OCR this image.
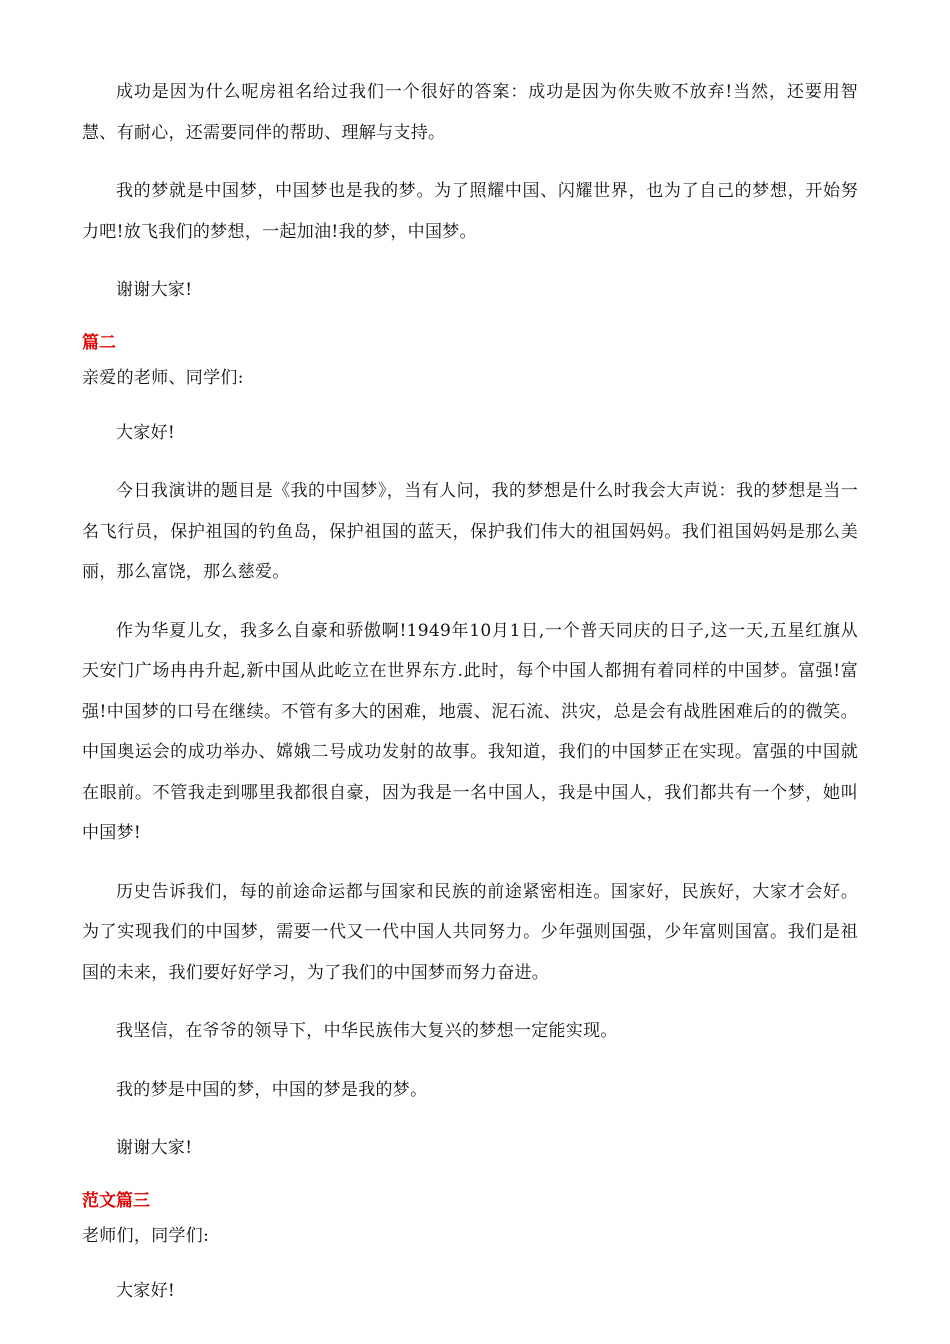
成功是因为什么呢房祖名给过我们一个很好的答案：成功是因为你失败不放弃!当然，还要用智慧、有耐心，还需要同伴的帮助、理解与支持。

我的梦就是中国梦，中国梦也是我的梦。为了照耀中国、闪耀世界，也为了自己的梦想，开始努力吧!放飞我们的梦想，一起加油!我的梦，中国梦。

谢谢大家!

篇二

亲爱的老师、同学们:

大家好!

今日我演讲的题目是《我的中国梦》，当有人问，我的梦想是什么时我会大声说：我的梦想是当一名飞行员，保护祖国的钓鱼岛，保护祖国的蓝天，保护我们伟大的祖国妈妈。我们祖国妈妈是那么美丽，那么富饶，那么慈爱。

作为华夏儿女，我多么自豪和骄傲啊!1949年10月1日,一个普天同庆的日子,这一天,五星红旗从天安门广场冉冉升起,新中国从此屹立在世界东方.此时，每个中国人都拥有着同样的中国梦。富强!富强!中国梦的口号在继续。不管有多大的困难，地震、泥石流、洪灾，总是会有战胜困难后的的微笑。中国奥运会的成功举办、嫦娥二号成功发射的故事。我知道，我们的中国梦正在实现。富强的中国就在眼前。不管我走到哪里我都很自豪，因为我是一名中国人，我是中国人，我们都共有一个梦，她叫中国梦!

历史告诉我们，每的前途命运都与国家和民族的前途紧密相连。国家好，民族好，大家才会好。为了实现我们的中国梦，需要一代又一代中国人共同努力。少年强则国强，少年富则国富。我们是祖国的未来，我们要好好学习，为了我们的中国梦而努力奋进。

我坚信，在爷爷的领导下，中华民族伟大复兴的梦想一定能实现。

我的梦是中国的梦，中国的梦是我的梦。

谢谢大家!

范文篇三

老师们，同学们:

大家好!
